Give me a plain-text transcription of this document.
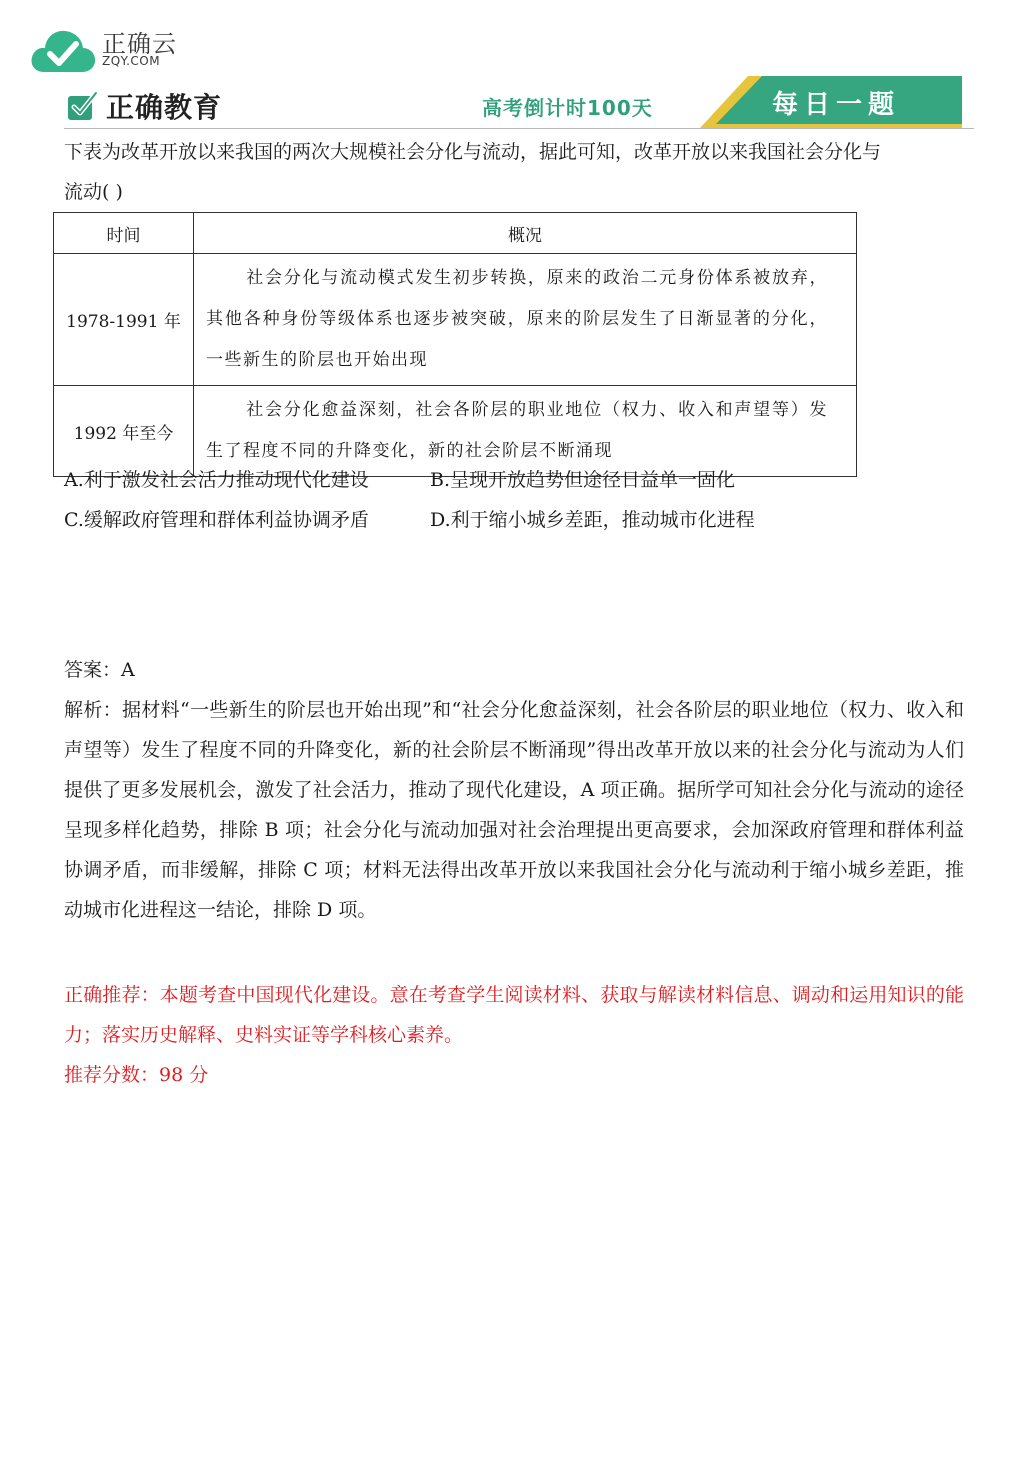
正确云
ZQY.COM
正确教育	高考倒计时100天	每日一题

下表为改革开放以来我国的两次大规模社会分化与流动，据此可知，改革开放以来我国社会分化与
流动( )

时间	概况
1978-1991 年	社会分化与流动模式发生初步转换，原来的政治二元身份体系被放弃，其他各种身份等级体系也逐步被突破，原来的阶层发生了日渐显著的分化，一些新生的阶层也开始出现
1992 年至今	社会分化愈益深刻，社会各阶层的职业地位（权力、收入和声望等）发生了程度不同的升降变化，新的社会阶层不断涌现
A.利于激发社会活力推动现代化建设	B.呈现开放趋势但途径日益单一固化
C.缓解政府管理和群体利益协调矛盾	D.利于缩小城乡差距，推动城市化进程

答案：A

解析：据材料“一些新生的阶层也开始出现”和“社会分化愈益深刻，社会各阶层的职业地位（权力、收入和声望等）发生了程度不同的升降变化，新的社会阶层不断涌现”得出改革开放以来的社会分化与流动为人们提供了更多发展机会，激发了社会活力，推动了现代化建设，A 项正确。据所学可知社会分化与流动的途径呈现多样化趋势，排除 B 项；社会分化与流动加强对社会治理提出更高要求，会加深政府管理和群体利益协调矛盾，而非缓解，排除 C 项；材料无法得出改革开放以来我国社会分化与流动利于缩小城乡差距，推动城市化进程这一结论，排除 D 项。

正确推荐：本题考查中国现代化建设。意在考查学生阅读材料、获取与解读材料信息、调动和运用知识的能力；落实历史解释、史料实证等学科核心素养。

推荐分数：98 分
